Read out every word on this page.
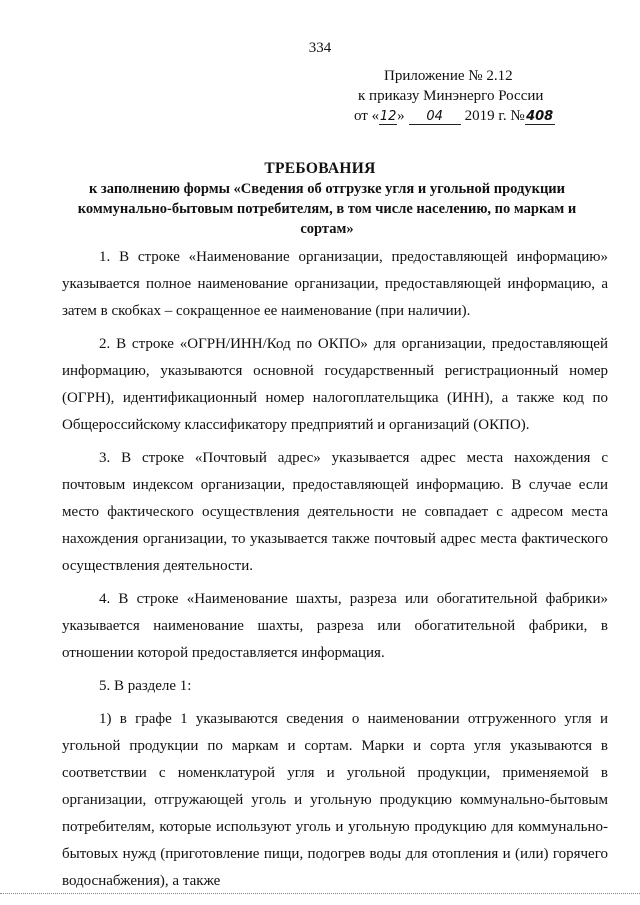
334
Приложение № 2.12
к приказу Минэнерго России
от «12» 04 2019 г. №408
ТРЕБОВАНИЯ
к заполнению формы «Сведения об отгрузке угля и угольной продукции коммунально-бытовым потребителям, в том числе населению, по маркам и сортам»

1. В строке «Наименование организации, предоставляющей информацию» указывается полное наименование организации, предоставляющей информацию, а затем в скобках – сокращенное ее наименование (при наличии).

2. В строке «ОГРН/ИНН/Код по ОКПО» для организации, предоставляющей информацию, указываются основной государственный регистрационный номер (ОГРН), идентификационный номер налогоплательщика (ИНН), а также код по Общероссийскому классификатору предприятий и организаций (ОКПО).

3. В строке «Почтовый адрес» указывается адрес места нахождения с почтовым индексом организации, предоставляющей информацию. В случае если место фактического осуществления деятельности не совпадает с адресом места нахождения организации, то указывается также почтовый адрес места фактического осуществления деятельности.

4. В строке «Наименование шахты, разреза или обогатительной фабрики» указывается наименование шахты, разреза или обогатительной фабрики, в отношении которой предоставляется информация.

5. В разделе 1:

1) в графе 1 указываются сведения о наименовании отгруженного угля и угольной продукции по маркам и сортам. Марки и сорта угля указываются в соответствии с номенклатурой угля и угольной продукции, применяемой в организации, отгружающей уголь и угольную продукцию коммунально-бытовым потребителям, которые используют уголь и угольную продукцию для коммунально-бытовых нужд (приготовление пищи, подогрев воды для отопления и (или) горячего водоснабжения), а также
